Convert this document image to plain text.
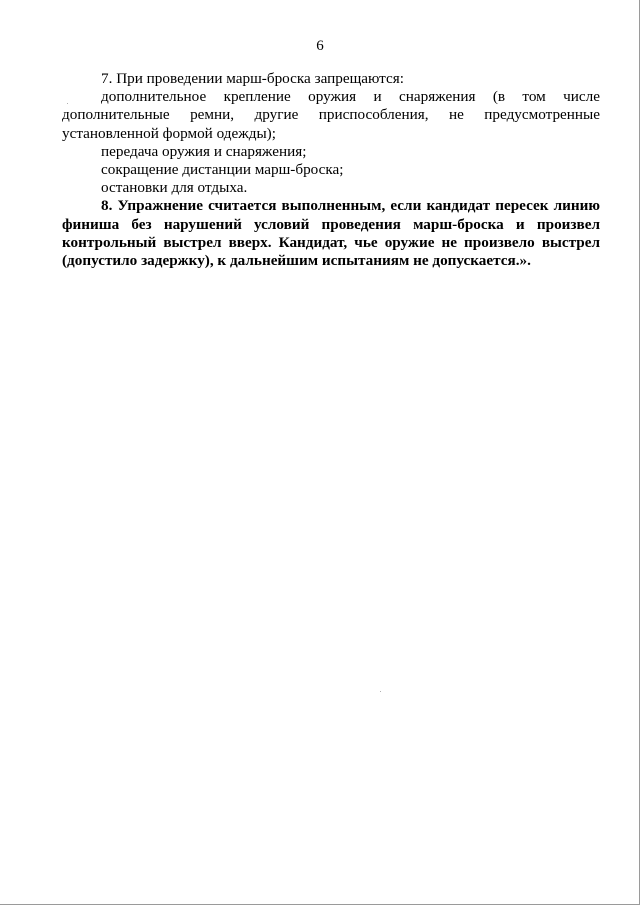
6

7. При проведении марш-броска запрещаются:

дополнительное крепление оружия и снаряжения (в том числе дополнительные ремни, другие приспособления, не предусмотренные установленной формой одежды);

передача оружия и снаряжения;

сокращение дистанции марш-броска;

остановки для отдыха.

8. Упражнение считается выполненным, если кандидат пересек линию финиша без нарушений условий проведения марш-броска и произвел контрольный выстрел вверх. Кандидат, чье оружие не произвело выстрел (допустило задержку), к дальнейшим испытаниям не допускается.».
